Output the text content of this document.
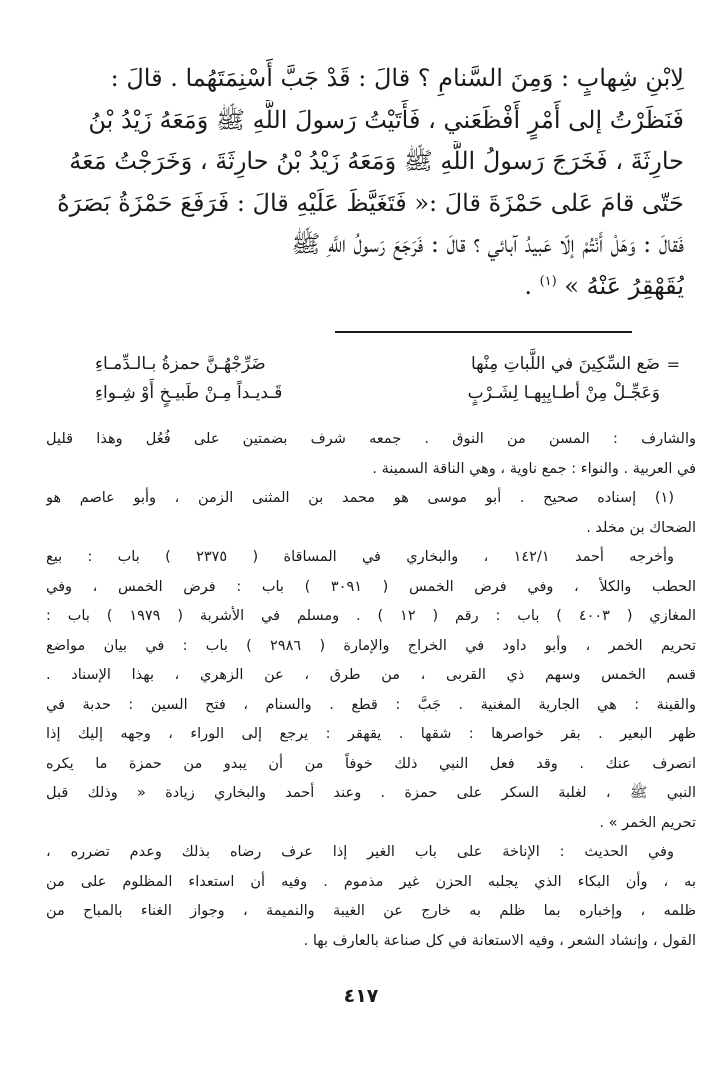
لِابْنِ شِهابٍ : وَمِنَ السَّنامِ ؟ قالَ : قَدْ جَبَّ أَسْنِمَتَهُما . قالَ :
فَنَظَرْتُ إلى أَمْرٍ أَفْظَعَني ، فَأَتَيْتُ رَسولَ اللَّهِ ﷺ وَمَعَهُ زَيْدُ بْنُ
حارِثَةَ ، فَخَرَجَ رَسولُ اللَّهِ ﷺ وَمَعَهُ زَيْدُ بْنُ حارِثَةَ ، وَخَرَجْتُ مَعَهُ
حَتّى قامَ عَلى حَمْزَةَ قالَ :« فَتَغَيَّظَ عَلَيْهِ قالَ : فَرَفَعَ حَمْزَةُ بَصَرَهُ
فَقالَ : وَهَلْ أَنْتُمْ إلّا عَبيدُ آبائي ؟ قالَ : فَرَجَعَ رَسولُ اللَّهِ ﷺ
يُقَهْقِرُ عَنْهُ » $^{(١)}$ .
=
ضَع السِّكِينَ في اللَّباتِ مِنْها
ضَرِّجْهُـنَّ حمزةُ بـالـدِّمـاءِ
وَعَجِّـلْ مِنْ أطـايِبِهـا لِشَـرْبٍ
قَـديـداً مِـنْ طَبيـخٍ أَوْ شِـواءِ
والشارف : المسن من النوق . جمعه شرف بضمتين على فُعُل وهذا قليل
في العربية . والنواء : جمع ناوية ، وهي الناقة السمينة .
(١) إسناده صحيح . أبو موسى هو محمد بن المثنى الزمن ، وأبو عاصم هو
الضحاك بن مخلد .
وأخرجه أحمد ١٤٢/١ ، والبخاري في المساقاة ( ٢٣٧٥ ) باب : بيع
الحطب والكلأ ، وفي فرض الخمس ( ٣٠٩١ ) باب : فرض الخمس ، وفي
المغازي ( ٤٠٠٣ ) باب : رقم ( ١٢ ) . ومسلم في الأشربة ( ١٩٧٩ ) باب :
تحريم الخمر ، وأبو داود في الخراج والإمارة ( ٢٩٨٦ ) باب : في بيان مواضع
قسم الخمس وسهم ذي القربى ، من طرق ، عن الزهري ، بهذا الإسناد .
والقينة : هي الجارية المغنية . جَبَّ : قطع . والسنام ، فتح السين : حدبة في
ظهر البعير . بقر خواصرها : شقها . يقهقر : يرجع إلى الوراء ، وجهه إليك إذا
انصرف عنك . وقد فعل النبي ذلك خوفاً من أن يبدو من حمزة ما يكره
النبي ﷺ ، لغلبة السكر على حمزة . وعند أحمد والبخاري زيادة « وذلك قبل
تحريم الخمر » .
وفي الحديث : الإناخة على باب الغير إذا عرف رضاه بذلك وعدم تضرره ،
به ، وأن البكاء الذي يجلبه الحزن غير مذموم . وفيه أن استعداء المظلوم على من
ظلمه ، وإخباره بما ظلم به خارج عن الغيبة والنميمة ، وجواز الغناء بالمباح من
القول ، وإنشاد الشعر ، وفيه الاستعانة في كل صناعة بالعارف بها .
٤١٧
